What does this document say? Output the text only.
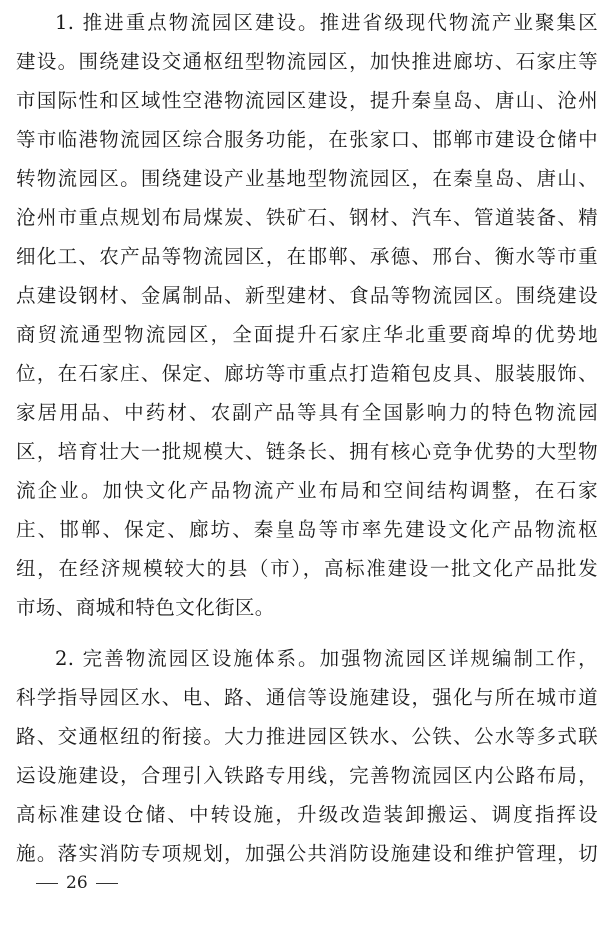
1. 推进重点物流园区建设。推进省级现代物流产业聚集区
建设。围绕建设交通枢纽型物流园区，加快推进廊坊、石家庄等
市国际性和区域性空港物流园区建设，提升秦皇岛、唐山、沧州
等市临港物流园区综合服务功能，在张家口、邯郸市建设仓储中
转物流园区。围绕建设产业基地型物流园区，在秦皇岛、唐山、
沧州市重点规划布局煤炭、铁矿石、钢材、汽车、管道装备、精
细化工、农产品等物流园区，在邯郸、承德、邢台、衡水等市重
点建设钢材、金属制品、新型建材、食品等物流园区。围绕建设
商贸流通型物流园区，全面提升石家庄华北重要商埠的优势地
位，在石家庄、保定、廊坊等市重点打造箱包皮具、服装服饰、
家居用品、中药材、农副产品等具有全国影响力的特色物流园
区，培育壮大一批规模大、链条长、拥有核心竞争优势的大型物
流企业。加快文化产品物流产业布局和空间结构调整，在石家
庄、邯郸、保定、廊坊、秦皇岛等市率先建设文化产品物流枢
纽，在经济规模较大的县（市），高标准建设一批文化产品批发
市场、商城和特色文化街区。
2. 完善物流园区设施体系。加强物流园区详规编制工作，
科学指导园区水、电、路、通信等设施建设，强化与所在城市道
路、交通枢纽的衔接。大力推进园区铁水、公铁、公水等多式联
运设施建设，合理引入铁路专用线，完善物流园区内公路布局，
高标准建设仓储、中转设施，升级改造装卸搬运、调度指挥设
施。落实消防专项规划，加强公共消防设施建设和维护管理，切
26
